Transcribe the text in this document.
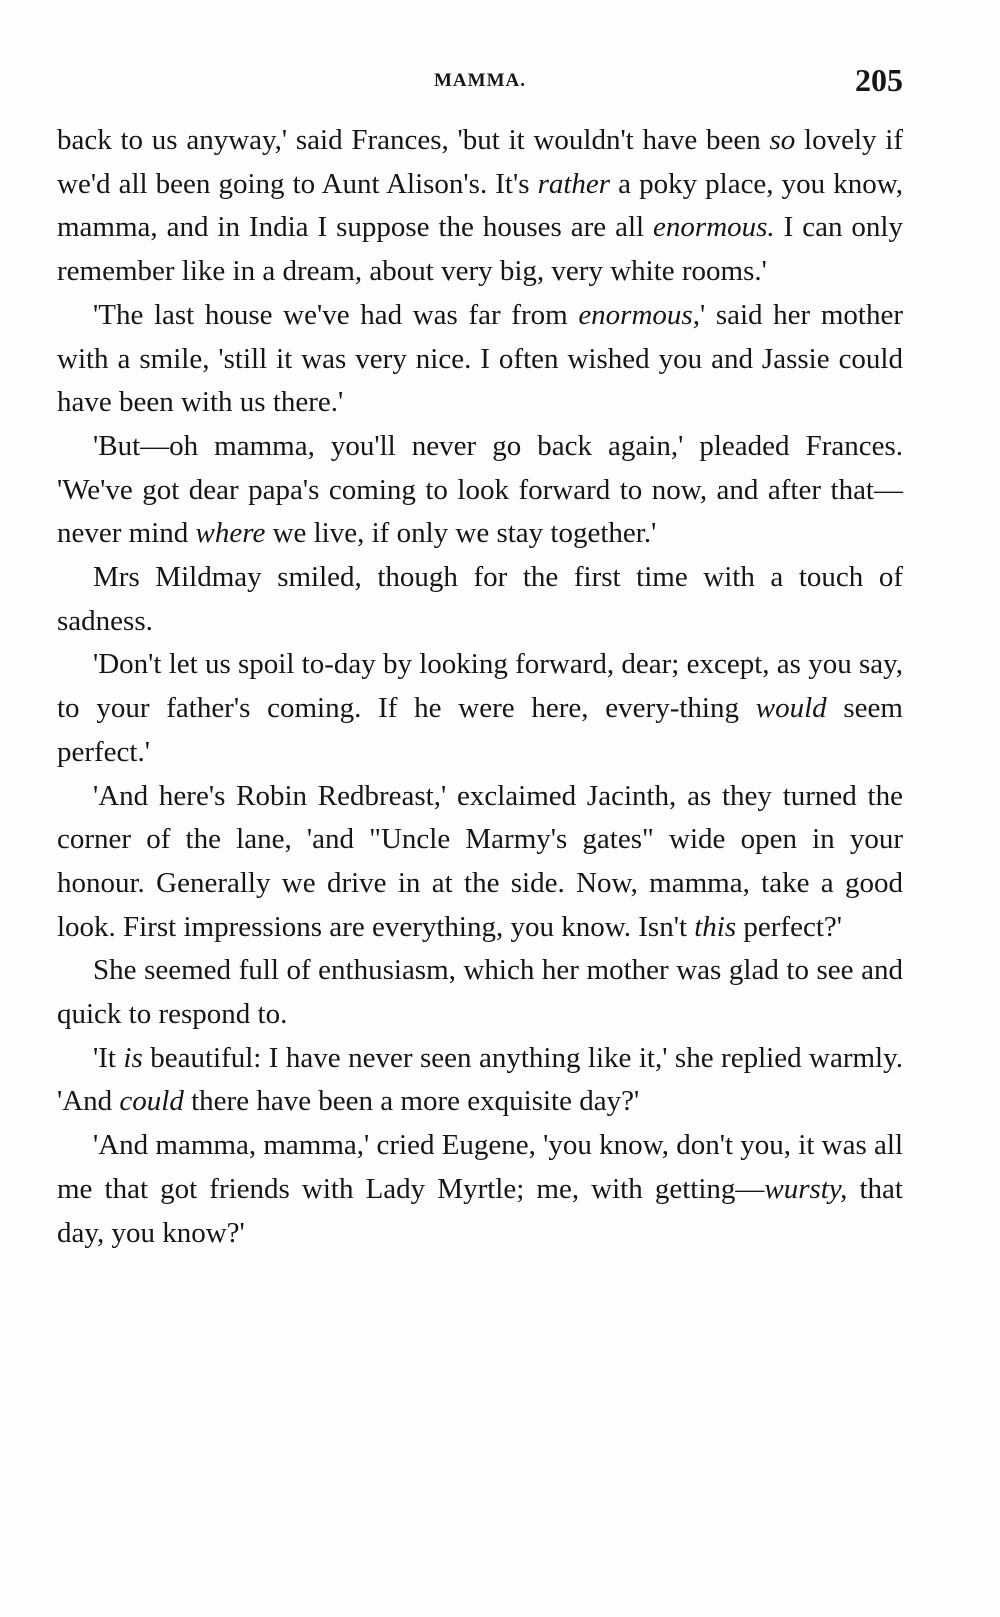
MAMMA.	205

back to us anyway,' said Frances, 'but it wouldn't have been so lovely if we'd all been going to Aunt Alison's. It's rather a poky place, you know, mamma, and in India I suppose the houses are all enormous. I can only remember like in a dream, about very big, very white rooms.'

'The last house we've had was far from enormous,' said her mother with a smile, 'still it was very nice. I often wished you and Jassie could have been with us there.'

'But—oh mamma, you'll never go back again,' pleaded Frances. 'We've got dear papa's coming to look forward to now, and after that—never mind where we live, if only we stay together.'

Mrs Mildmay smiled, though for the first time with a touch of sadness.

'Don't let us spoil to-day by looking forward, dear; except, as you say, to your father's coming. If he were here, every-thing would seem perfect.'

'And here's Robin Redbreast,' exclaimed Jacinth, as they turned the corner of the lane, 'and "Uncle Marmy's gates" wide open in your honour. Generally we drive in at the side. Now, mamma, take a good look. First impressions are everything, you know. Isn't this perfect?'

She seemed full of enthusiasm, which her mother was glad to see and quick to respond to.

'It is beautiful: I have never seen anything like it,' she replied warmly. 'And could there have been a more exquisite day?'

'And mamma, mamma,' cried Eugene, 'you know, don't you, it was all me that got friends with Lady Myrtle; me, with getting—wursty, that day, you know?'
